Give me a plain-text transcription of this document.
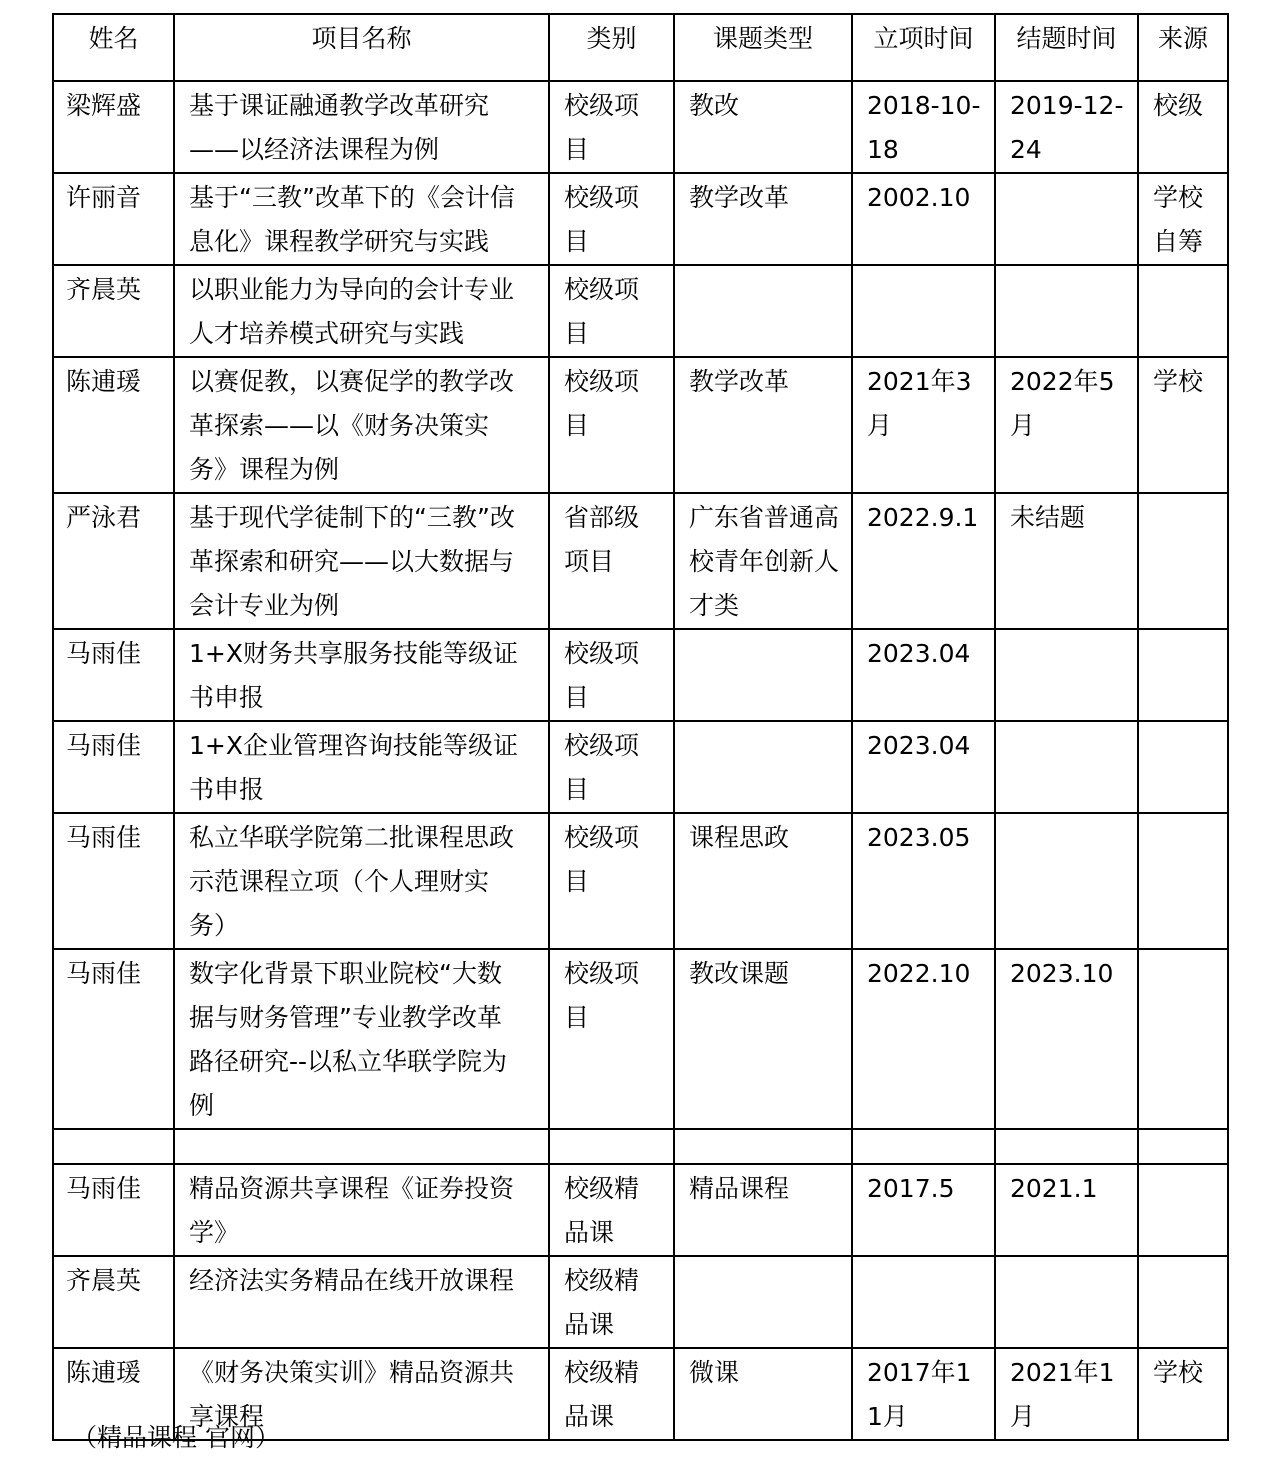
姓名	项目名称	类别	课题类型	立项时间	结题时间	来源
梁辉盛	基于课证融通教学改革研究——以经济法课程为例	校级项目	教改	2018-10-18	2019-12-24	校级
许丽音	基于“三教”改革下的《会计信息化》课程教学研究与实践	校级项目	教学改革	2002.10		学校自筹
齐晨英	以职业能力为导向的会计专业人才培养模式研究与实践	校级项目				
陈逋瑗	以赛促教，以赛促学的教学改革探索——以《财务决策实务》课程为例	校级项目	教学改革	2021年3月	2022年5月	学校
严泳君	基于现代学徒制下的“三教”改革探索和研究——以大数据与会计专业为例	省部级项目	广东省普通高校青年创新人才类	2022.9.1	未结题	
马雨佳	1+X财务共享服务技能等级证书申报	校级项目		2023.04		
马雨佳	1+X企业管理咨询技能等级证书申报	校级项目		2023.04		
马雨佳	私立华联学院第二批课程思政示范课程立项（个人理财实务）	校级项目	课程思政	2023.05		
马雨佳	数字化背景下职业院校“大数据与财务管理”专业教学改革路径研究--以私立华联学院为例	校级项目	教改课题	2022.10	2023.10	

马雨佳	精品资源共享课程《证券投资学》	校级精品课	精品课程	2017.5	2021.1	
齐晨英	经济法实务精品在线开放课程	校级精品课				
陈逋瑗	《财务决策实训》精品资源共享课程	校级精品课	微课	2017年11月	2021年1月	学校
（精品课程 官网）
